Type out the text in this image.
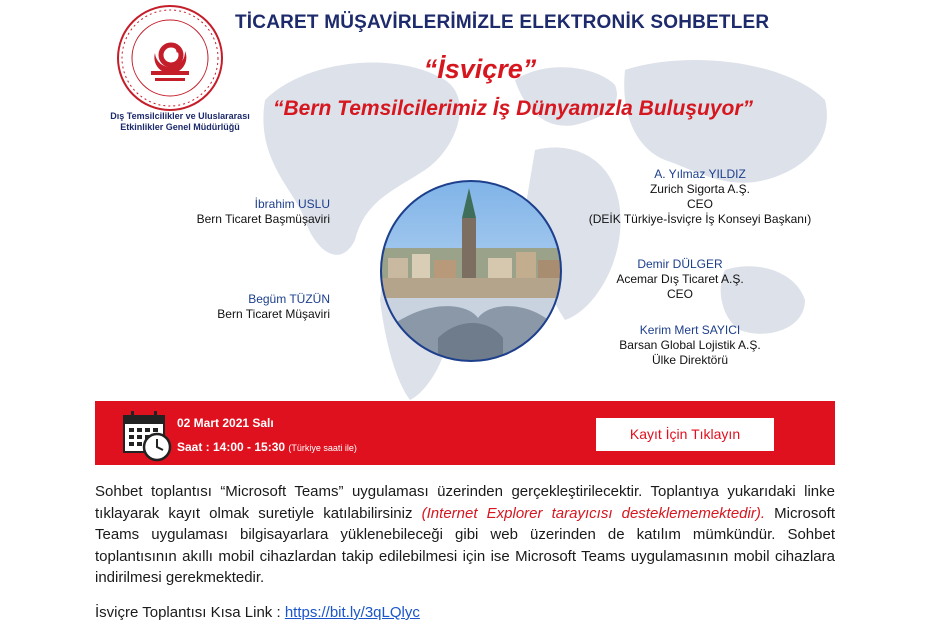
Dış Temsilcilikler ve Uluslararası
Etkinlikler Genel Müdürlüğü
TİCARET MÜŞAVİRLERİMİZLE ELEKTRONİK SOHBETLER
“İsviçre”
“Bern Temsilcilerimiz İş Dünyamızla Buluşuyor”
İbrahim USLU
Bern Ticaret Başmüşaviri
Begüm TÜZÜN
Bern Ticaret Müşaviri
A. Yılmaz YILDIZ
Zurich Sigorta A.Ş.
CEO
(DEİK Türkiye-İsviçre İş Konseyi Başkanı)
Demir DÜLGER
Acemar Dış Ticaret A.Ş.
CEO
Kerim Mert SAYICI
Barsan Global Lojistik A.Ş.
Ülke Direktörü
02 Mart 2021 Salı
Saat : 14:00 - 15:30 (Türkiye saati ile)
Kayıt İçin Tıklayın
Sohbet toplantısı “Microsoft Teams” uygulaması üzerinden gerçekleştirilecektir. Toplantıya yukarıdaki linke tıklayarak kayıt olmak suretiyle katılabilirsiniz (Internet Explorer tarayıcısı desteklememektedir). Microsoft Teams uygulaması bilgisayarlara yüklenebileceği gibi web üzerinden de katılım mümkündür. Sohbet toplantısının akıllı mobil cihazlardan takip edilebilmesi için ise Microsoft Teams uygulamasının mobil cihazlara indirilmesi gerekmektedir.
İsviçre Toplantısı Kısa Link : https://bit.ly/3qLQlyc
